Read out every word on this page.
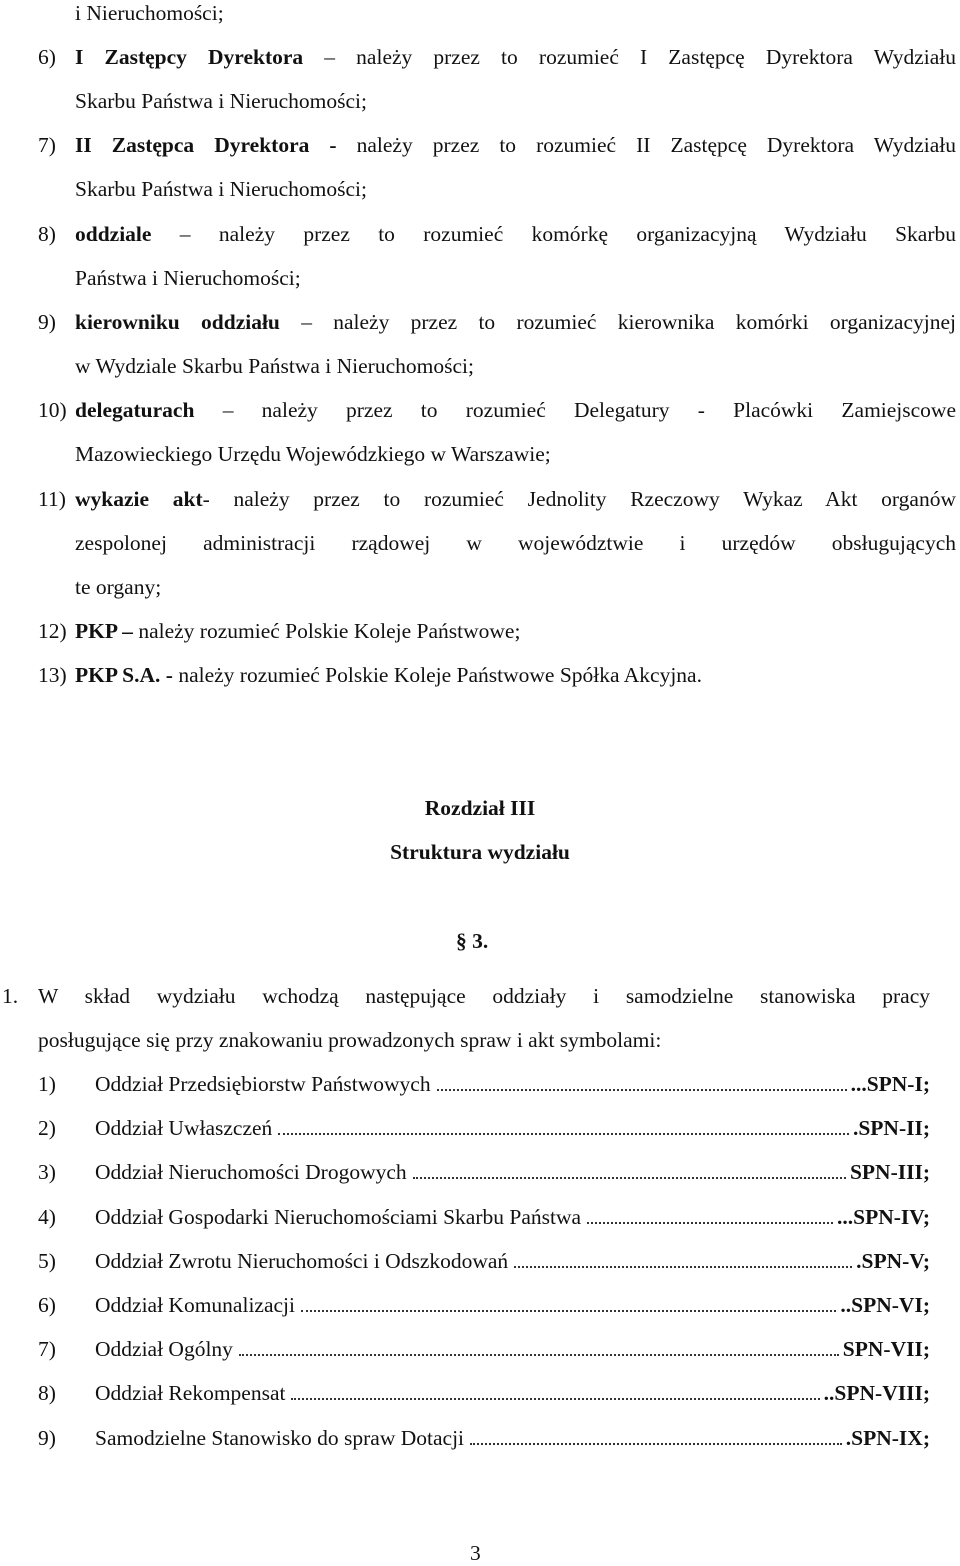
i Nieruchomości;
6) I Zastępcy Dyrektora – należy przez to rozumieć I Zastępcę Dyrektora Wydziału
Skarbu Państwa i Nieruchomości;
7) II Zastępca Dyrektora - należy przez to rozumieć II Zastępcę Dyrektora Wydziału
Skarbu Państwa i Nieruchomości;
8) oddziale – należy przez to rozumieć komórkę organizacyjną Wydziału Skarbu
Państwa i Nieruchomości;
9) kierowniku oddziału – należy przez to rozumieć kierownika komórki organizacyjnej
w Wydziale Skarbu Państwa i Nieruchomości;
10) delegaturach – należy przez to rozumieć Delegatury - Placówki Zamiejscowe
Mazowieckiego Urzędu Wojewódzkiego w Warszawie;
11) wykazie akt- należy przez to rozumieć Jednolity Rzeczowy Wykaz Akt organów
zespolonej administracji rządowej w województwie i urzędów obsługujących
te organy;
12) PKP – należy rozumieć Polskie Koleje Państwowe;
13) PKP S.A. - należy rozumieć Polskie Koleje Państwowe Spółka Akcyjna.
Rozdział III
Struktura wydziału
§ 3.
1. W skład wydziału wchodzą następujące oddziały i samodzielne stanowiska pracy
posługujące się przy znakowaniu prowadzonych spraw i akt symbolami:
1)	Oddział Przedsiębiorstw Państwowych	...SPN-I;
2)	Oddział Uwłaszczeń	.SPN-II;
3)	Oddział Nieruchomości Drogowych	SPN-III;
4)	Oddział Gospodarki Nieruchomościami Skarbu Państwa	...SPN-IV;
5)	Oddział Zwrotu Nieruchomości i Odszkodowań	.SPN-V;
6)	Oddział Komunalizacji	..SPN-VI;
7)	Oddział Ogólny	SPN-VII;
8)	Oddział Rekompensat	..SPN-VIII;
9)	Samodzielne Stanowisko do spraw Dotacji	.SPN-IX;
3
